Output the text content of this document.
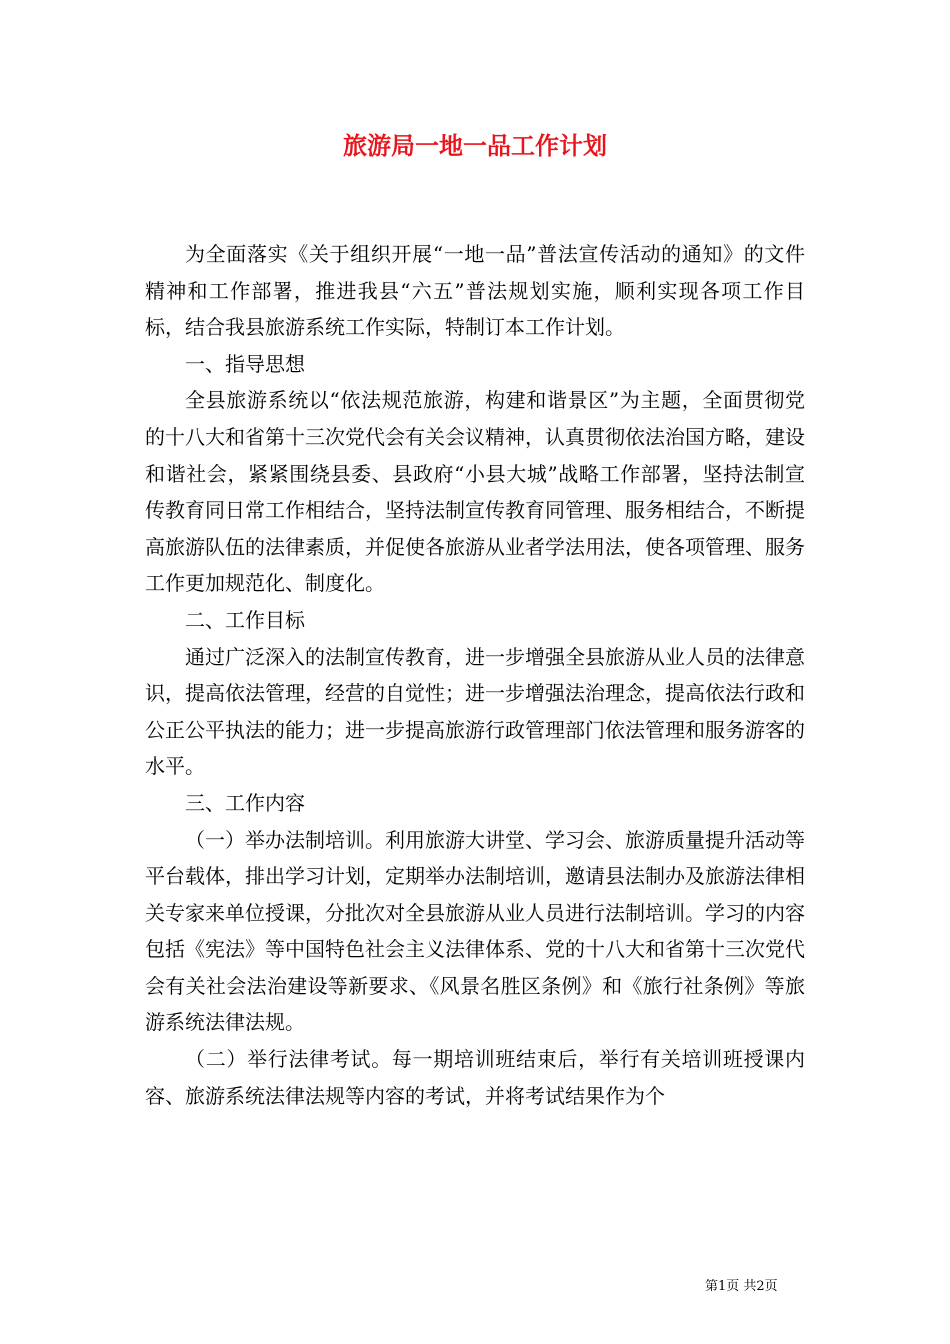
旅游局一地一品工作计划

为全面落实《关于组织开展“一地一品”普法宣传活动的通知》的文件精神和工作部署，推进我县“六五”普法规划实施，顺利实现各项工作目标，结合我县旅游系统工作实际，特制订本工作计划。

一、指导思想

全县旅游系统以“依法规范旅游，构建和谐景区”为主题，全面贯彻党的十八大和省第十三次党代会有关会议精神，认真贯彻依法治国方略，建设和谐社会，紧紧围绕县委、县政府“小县大城”战略工作部署，坚持法制宣传教育同日常工作相结合，坚持法制宣传教育同管理、服务相结合，不断提高旅游队伍的法律素质，并促使各旅游从业者学法用法，使各项管理、服务工作更加规范化、制度化。

二、工作目标

通过广泛深入的法制宣传教育，进一步增强全县旅游从业人员的法律意识，提高依法管理，经营的自觉性；进一步增强法治理念，提高依法行政和公正公平执法的能力；进一步提高旅游行政管理部门依法管理和服务游客的水平。

三、工作内容

（一）举办法制培训。利用旅游大讲堂、学习会、旅游质量提升活动等平台载体，排出学习计划，定期举办法制培训，邀请县法制办及旅游法律相关专家来单位授课，分批次对全县旅游从业人员进行法制培训。学习的内容包括《宪法》等中国特色社会主义法律体系、党的十八大和省第十三次党代会有关社会法治建设等新要求、《风景名胜区条例》和《旅行社条例》等旅游系统法律法规。

（二）举行法律考试。每一期培训班结束后，举行有关培训班授课内容、旅游系统法律法规等内容的考试，并将考试结果作为个

第1页 共2页
